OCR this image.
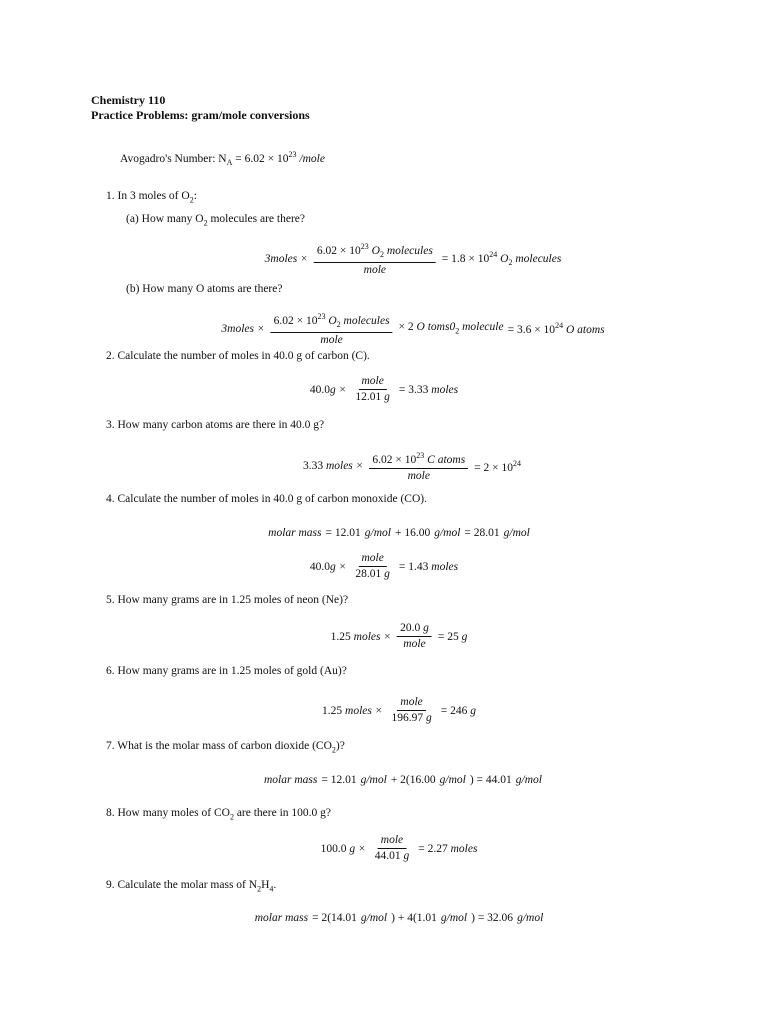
Chemistry 110
Practice Problems: gram/mole conversions
Avogadro's Number: $N_A = 6.02 \times 10^{23}$ /mole
1. In 3 moles of $O_2$:
(a) How many $O_2$ molecules are there?
3moles × $\frac{6.02 \times 10^{23} O_2 molecules}{\text{mole}} = 1.8 \times 10^{24}$ $O_2$ molecules
(b) How many O atoms are there?
3moles × $\frac{6.02 \times 10^{23} O_2 molecules}{\text{mole}} \times 2$ O $toms0_2$ molecule = $3.6 \times 10^{24}$ O atoms
2. Calculate the number of moles in 40.0 g of carbon (C).
$40.0g \times \frac{\text{mole}}{12.01 g} = 3.33$ moles
3. How many carbon atoms are there in 40.0 g?
3.33 moles × $\frac{6.02 \times 10^{23} C atoms}{\text{mole}} = 2 \times 10^{24}$
4. Calculate the number of moles in 40.0 g of carbon monoxide (CO).
molar mass = 12.01 g/mol + 16.00 g/mol = 28.01 g/mol
$40.0g \times \frac{\text{mole}}{28.01 g} = 1.43$ moles
5. How many grams are in 1.25 moles of neon (Ne)?
1.25 moles × $\frac{20.0 g}{\text{mole}} = 25$ g
6. How many grams are in 1.25 moles of gold (Au)?
1.25 moles × $\frac{\text{mole}}{196.97 g} = 246$ g
7. What is the molar mass of carbon dioxide $(CO_2)$?
molar mass = 12.01 g/mol + 2(16.00 g/mol ) = 44.01 g/mol
8. How many moles of $CO_2$ are there in 100.0 g?
100.0 $g \times \frac{\text{mole}}{44.01 g} = 2.27$ moles
9. Calculate the molar mass of $N_2H_4$.
molar mass = 2(14.01 g/mol ) + 4(1.01 g/mol ) = 32.06 g/mol
